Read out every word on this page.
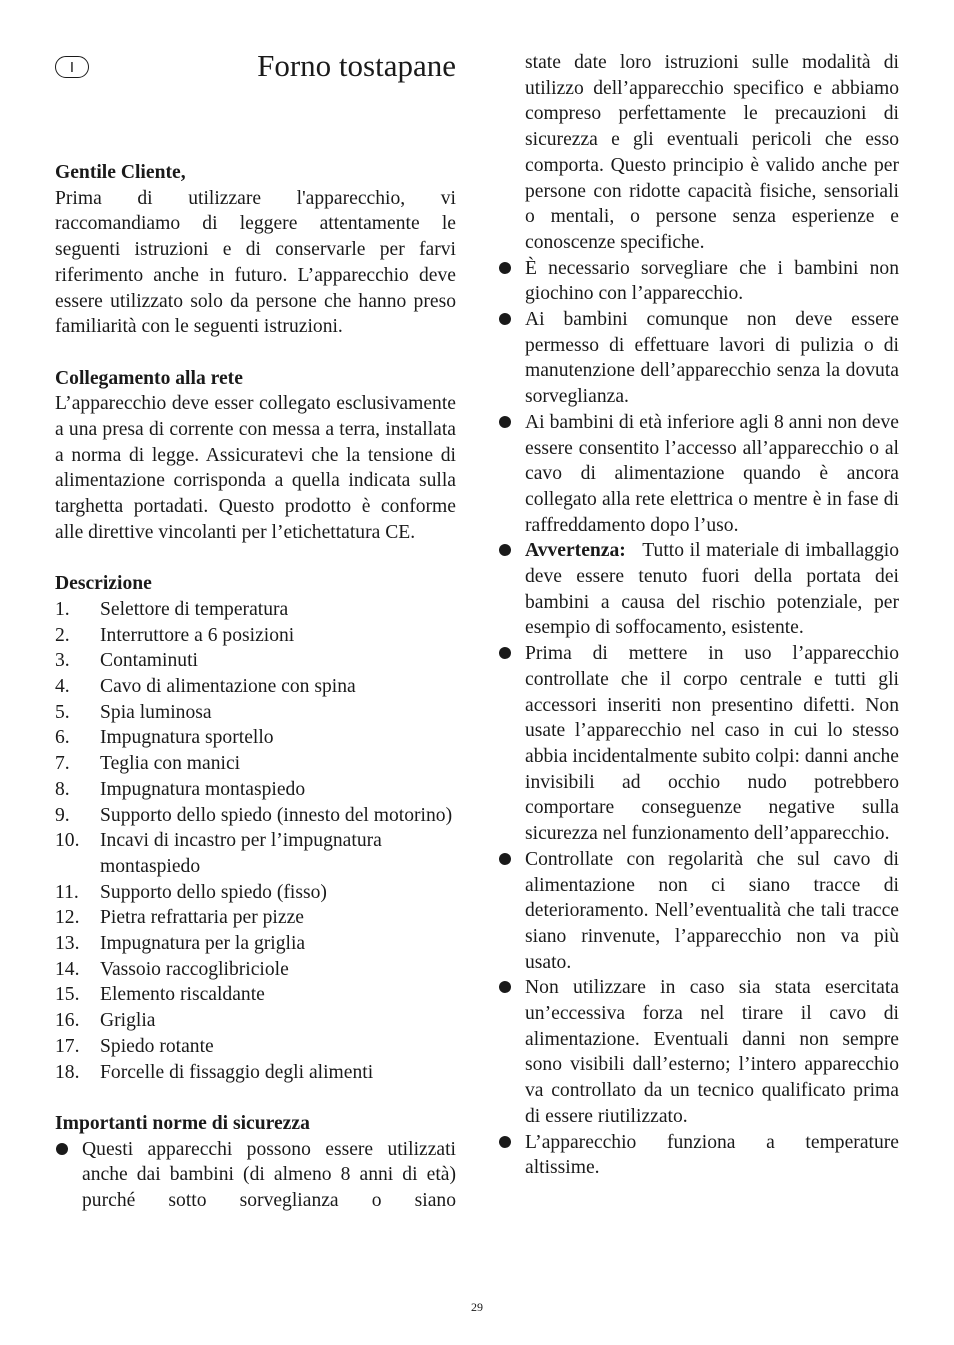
I	Forno tostapane

Gentile Cliente,

Prima di utilizzare l'apparecchio, vi raccomandiamo di leggere attentamente le seguenti istruzioni e di conservarle per farvi riferimento anche in futuro. L’apparecchio deve essere utilizzato solo da persone che hanno preso familiarità con le seguenti istruzioni.

Collegamento alla rete

L’apparecchio deve esser collegato esclusivamente a una presa di corrente con messa a terra, installata a norma di legge. Assicuratevi che la tensione di alimentazione corrisponda a quella indicata sulla targhetta portadati. Questo prodotto è conforme alle direttive vincolanti per l’etichettatura CE.

Descrizione

1.	Selettore di temperatura
2.	Interruttore a 6 posizioni
3.	Contaminuti
4.	Cavo di alimentazione con spina
5.	Spia luminosa
6.	Impugnatura sportello
7.	Teglia con manici
8.	Impugnatura montaspiedo
9.	Supporto dello spiedo (innesto del motorino)
10.	Incavi di incastro per l’impugnatura montaspiedo
11.	Supporto dello spiedo (fisso)
12.	Pietra refrattaria per pizze
13.	Impugnatura per la griglia
14.	Vassoio raccoglibriciole
15.	Elemento riscaldante
16.	Griglia
17.	Spiedo rotante
18.	Forcelle di fissaggio degli alimenti

Importanti norme di sicurezza

Questi apparecchi possono essere utilizzati anche dai bambini (di almeno 8 anni di età) purché sotto sorveglianza o siano

state date loro istruzioni sulle modalità di utilizzo dell’apparecchio specifico e abbiamo compreso perfettamente le precauzioni di sicurezza e gli eventuali pericoli che esso comporta. Questo principio è valido anche per persone con ridotte capacità fisiche, sensoriali o mentali, o persone senza esperienze e conoscenze specifiche.

È necessario sorvegliare che i bambini non giochino con l’apparecchio.
Ai bambini comunque non deve essere permesso di effettuare lavori di pulizia o di manutenzione dell’apparecchio senza la dovuta sorveglianza.
Ai bambini di età inferiore agli 8 anni non deve essere consentito l’accesso all’apparecchio o al cavo di alimentazione quando è ancora collegato alla rete elettrica o mentre è in fase di raffreddamento dopo l’uso.
Avvertenza: Tutto il materiale di imballaggio deve essere tenuto fuori della portata dei bambini a causa del rischio potenziale, per esempio di soffocamento, esistente.
Prima di mettere in uso l’apparecchio controllate che il corpo centrale e tutti gli accessori inseriti non presentino difetti. Non usate l’apparecchio nel caso in cui lo stesso abbia incidentalmente subito colpi: danni anche invisibili ad occhio nudo potrebbero comportare conseguenze negative sulla sicurezza nel funzionamento dell’apparecchio.
Controllate con regolarità che sul cavo di alimentazione non ci siano tracce di deterioramento. Nell’eventualità che tali tracce siano rinvenute, l’apparecchio non va più usato.
Non utilizzare in caso sia stata esercitata un’eccessiva forza nel tirare il cavo di alimentazione. Eventuali danni non sempre sono visibili dall’esterno; l’intero apparecchio va controllato da un tecnico qualificato prima di essere riutilizzato.
L’apparecchio funziona a temperature altissime.
29
